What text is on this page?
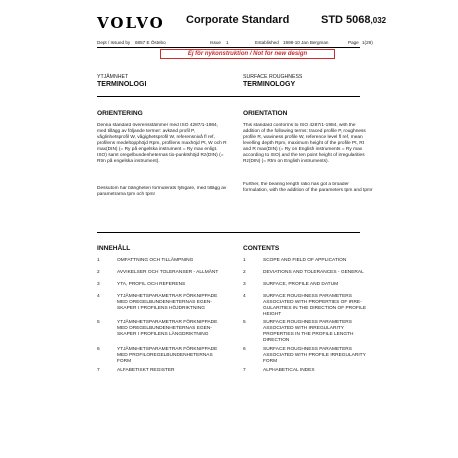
VOLVO Corporate Standard	STD 5068,032
Dept / Issued by 6857 E Östebo	Issue 1	Established 1998-10 Jan Bergman	Page 1(29)
Ej för nykonstruktion / Not for new design
YTJÄMNHET
TERMINOLOGI
SURFACE ROUGHNESS
TERMINOLOGY
ORIENTERING	ORIENTATION
Denna standard överensstämmer med ISO 4287/1-1984, med tillägg av följande termer: avkänd profil P, våglinhetsprofil W, vågighetsprofil W, referensnivå fl ref, profilens medeltopphöjd Rpm, profilens maxhöjd Pt, W och R max(DIN) (= Ry på engelska instrument = Ry max enligt. ISO) samt oregelbundenheternas tio-punktshöjd Rz(DIN) (= Rtm på engelska instrument).
This standard conforms to ISO 4287/1-1984, with the addition of the following terms: traced profile P, roughness profile R, waviness profile W, reference level fl ref, mean levelling depth Rpm, maximum height of the profile Pt, Rt and R max(DIN) (= Ry on English instruments = Ry max according to ISO) and the ten point height of irregularities Rz(DIN) (= Rtm on English instruments).
Dessutom har bärigheten formulerats fylligare, med tillägg av parametrarna tpm och tpmr
Further, the bearing length ratio has got a broader formulation, with the addition of the parameters tpm and tpmr
INNEHÅLL	CONTENTS
1	OMFATTNING OCH TILLÄMPNING
2	AVVIKELSER OCH TOLERANSER - ALLMÄNT
3	YTA, PROFIL OCH REFERENS
4	YTJÄMNHETSPARAMETRAR FÖRKNIPPADE MED OREGELBUNDENHETERNAS EGEN-SKAPER I PROFILENS HÖJDRIKTNING
5	YTJÄMNHETSPARAMETRAR FÖRKNIPPADE MED OREGELBUNDENHETERNAS EGEN-SKAPER I PROFILENS LÄNGDRIKTNING
6	YTJÄMNHETSPARAMETRAR FÖRKNIPPADE MED PROFILOREGELBUNDENHETERNAS FORM
7	ALFABETISKT REGISTER
1	SCOPE AND FIELD OF APPLICATION
2	DEVIATIONS AND TOLERANCES - GENERAL
3	SURFACE, PROFILE AND DATUM
4	SURFACE ROUGHNESS PARAMETERS ASSOCIATED WITH PROPERTIES OF IRRE-GULARITIES IN THE DIRECTION OF PROFILE HEIGHT
5	SURFACE ROUGHNESS PARAMETERS ASSOCIATED WITH IRREGULARITY PROPERTIES IN THE PROFILE LENGTH DIRECTION
6	SURFACE ROUGHNESS PARAMETERS ASSOCIATED WITH PROFILE IRREGULARITY FORM
7	ALPHABETICAL INDEX
